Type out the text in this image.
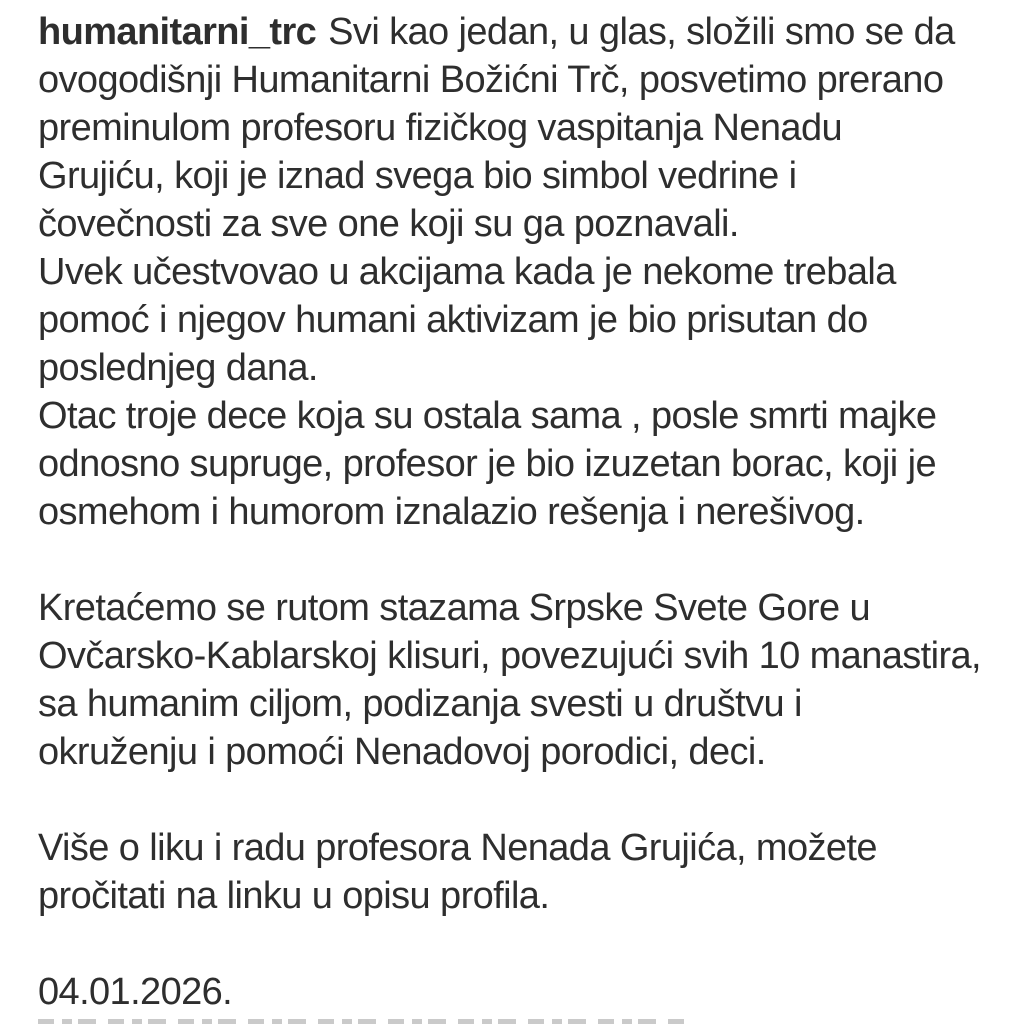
humanitarni_trc Svi kao jedan, u glas, složili smo se da
ovogodišnji Humanitarni Božićni Trč, posvetimo prerano
preminulom profesoru fizičkog vaspitanja Nenadu
Grujiću, koji je iznad svega bio simbol vedrine i
čovečnosti za sve one koji su ga poznavali.
Uvek učestvovao u akcijama kada je nekome trebala
pomoć i njegov humani aktivizam je bio prisutan do
poslednjeg dana.
Otac troje dece koja su ostala sama , posle smrti majke
odnosno supruge, profesor je bio izuzetan borac, koji je
osmehom i humorom iznalazio rešenja i nerešivog.
Kretaćemo se rutom stazama Srpske Svete Gore u
Ovčarsko-Kablarskoj klisuri, povezujući svih 10 manastira,
sa humanim ciljom, podizanja svesti u društvu i
okruženju i pomoći Nenadovoj porodici, deci.
Više o liku i radu profesora Nenada Grujića, možete
pročitati na linku u opisu profila.
04.01.2026.
